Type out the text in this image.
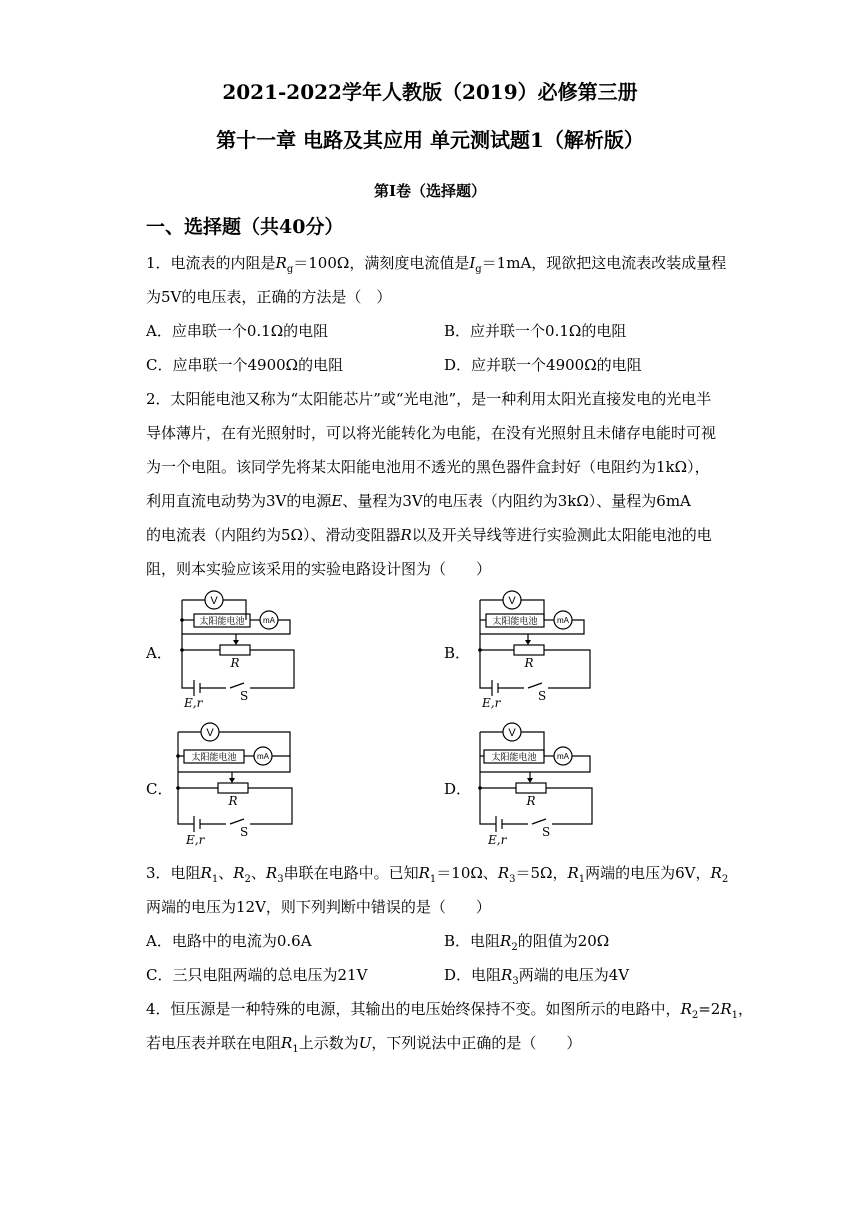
2021-2022学年人教版（2019）必修第三册
第十一章 电路及其应用 单元测试题1（解析版）
第Ⅰ卷（选择题）
一、选择题（共40分）
1．电流表的内阻是$R_g=100\Omega$，满刻度电流值是$I_g=1mA$，现欲把这电流表改装成量程
为5V的电压表，正确的方法是（　）
A．应串联一个0.1Ω的电阻	B．应并联一个0.1Ω的电阻
C．应串联一个4900Ω的电阻	D．应并联一个4900Ω的电阻
2．太阳能电池又称为“太阳能芯片”或“光电池”，是一种利用太阳光直接发电的光电半
导体薄片，在有光照射时，可以将光能转化为电能，在没有光照射且未储存电能时可视
为一个电阻。该同学先将某太阳能电池用不透光的黑色器件盒封好（电阻约为1kΩ），
利用直流电动势为3V的电源E、量程为3V的电压表（内阻约为3kΩ）、量程为6mA
的电流表（内阻约为5Ω）、滑动变阻器R以及开关导线等进行实验测此太阳能电池的电
阻，则本实验应该采用的实验电路设计图为（　　）
A．	B．
C．	D．
V
mA
太阳能电池
R
E,r	S
V
mA
太阳能电池
R
E,r	S
V
mA
太阳能电池
R
E,r
S
V
mA
太阳能电池
R
E,r
S
3．电阻$R_1$、$R_2$、$R_3$串联在电路中。已知$R_1=10\Omega$、$R_3=5\Omega$，$R_1$两端的电压为6V，$R_2$
两端的电压为12V，则下列判断中错误的是（　　）
A．电路中的电流为0.6A	B．电阻$R_2$的阻值为20Ω
C．三只电阻两端的总电压为21V	D．电阻$R_3$两端的电压为4V
4．恒压源是一种特殊的电源，其输出的电压始终保持不变。如图所示的电路中，$R_2=2R_1$，
若电压表并联在电阻$R_1$上示数为U，下列说法中正确的是（　　）
